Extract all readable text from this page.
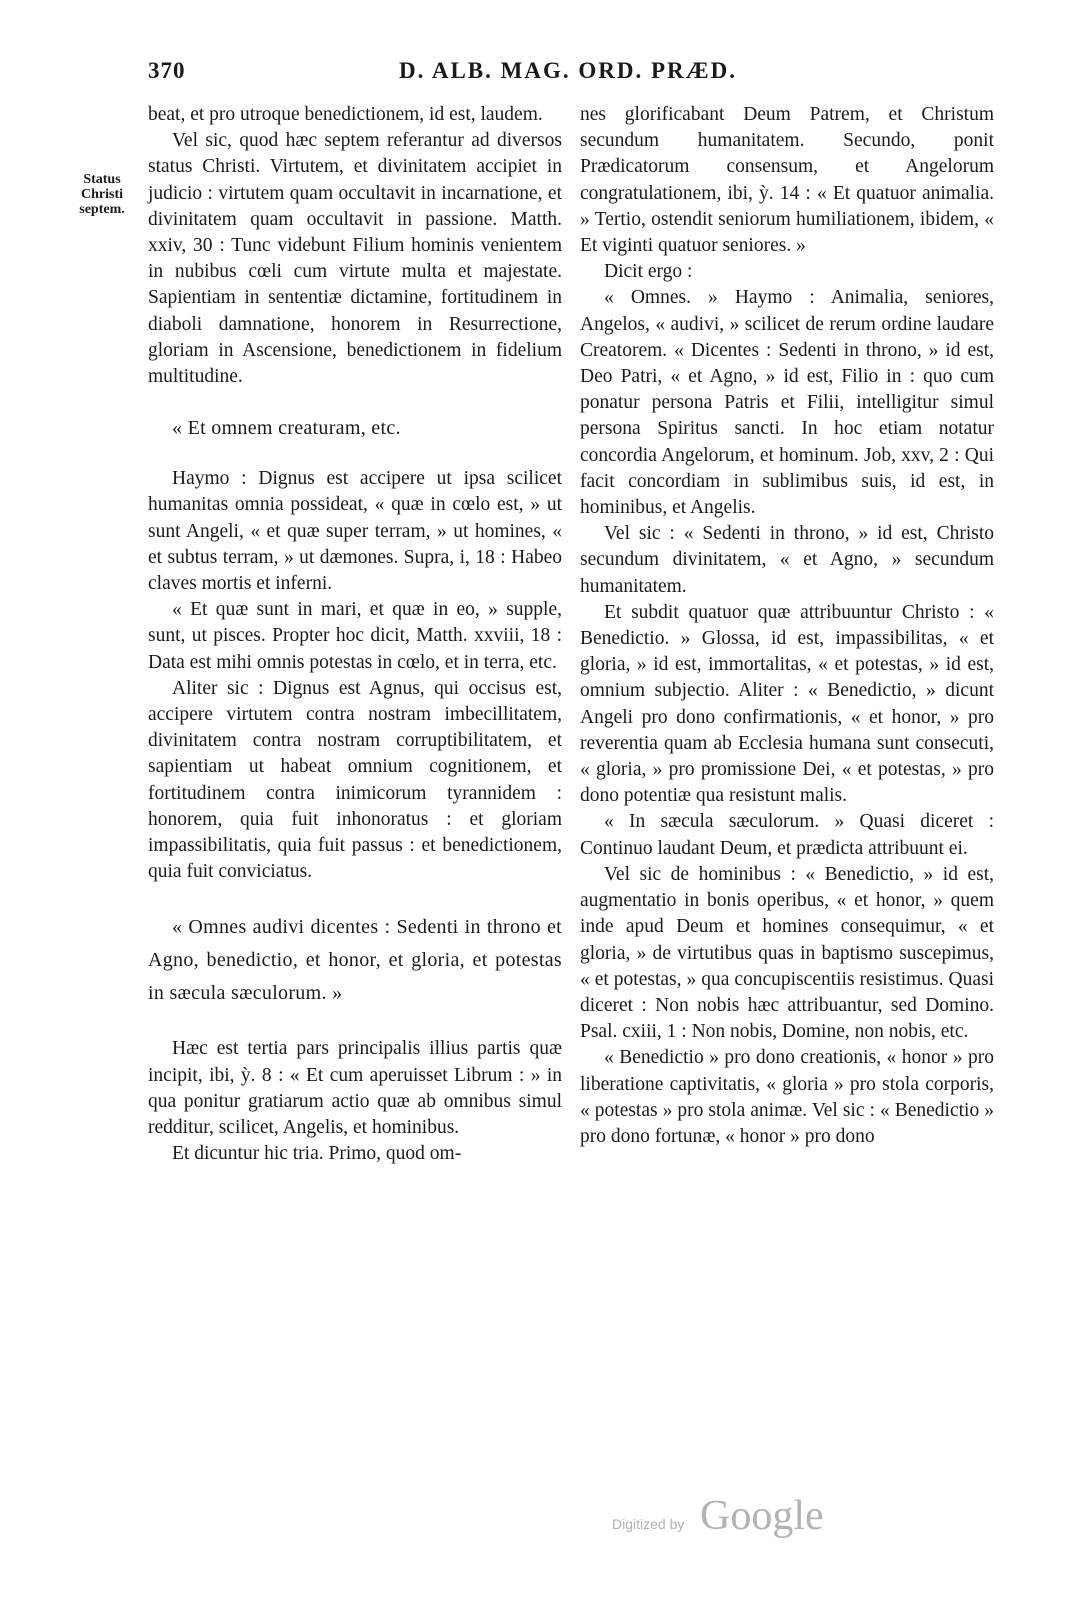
370	D. ALB. MAG. ORD. PRÆD.
Status
Christi
septem.

beat, et pro utroque benedictionem, id est, laudem.

Vel sic, quod hæc septem referantur ad diversos status Christi. Virtutem, et divinitatem accipiet in judicio : virtutem quam occultavit in incarnatione, et divinitatem quam occultavit in passione. Matth. xxiv, 30 : Tunc videbunt Filium hominis venientem in nubibus cœli cum virtute multa et majestate. Sapientiam in sententiæ dictamine, fortitudinem in diaboli damnatione, honorem in Resurrectione, gloriam in Ascensione, benedictionem in fidelium multitudine.

« Et omnem creaturam, etc.

Haymo : Dignus est accipere ut ipsa scilicet humanitas omnia possideat, « quæ in cœlo est, » ut sunt Angeli, « et quæ super terram, » ut homines, « et subtus terram, » ut dæmones. Supra, i, 18 : Habeo claves mortis et inferni.

« Et quæ sunt in mari, et quæ in eo, » supple, sunt, ut pisces. Propter hoc dicit, Matth. xxviii, 18 : Data est mihi omnis potestas in cœlo, et in terra, etc.

Aliter sic : Dignus est Agnus, qui occisus est, accipere virtutem contra nostram imbecillitatem, divinitatem contra nostram corruptibilitatem, et sapientiam ut habeat omnium cognitionem, et fortitudinem contra inimicorum tyrannidem : honorem, quia fuit inhonoratus : et gloriam impassibilitatis, quia fuit passus : et benedictionem, quia fuit conviciatus.

« Omnes audivi dicentes : Sedenti in throno et Agno, benedictio, et honor, et gloria, et potestas in sæcula sæculorum. »

Hæc est tertia pars principalis illius partis quæ incipit, ibi, ỳ. 8 : « Et cum aperuisset Librum : » in qua ponitur gratiarum actio quæ ab omnibus simul redditur, scilicet, Angelis, et hominibus.

Et dicuntur hic tria. Primo, quod om-

nes glorificabant Deum Patrem, et Christum secundum humanitatem. Secundo, ponit Prædicatorum consensum, et Angelorum congratulationem, ibi, ỳ. 14 : « Et quatuor animalia. » Tertio, ostendit seniorum humiliationem, ibidem, « Et viginti quatuor seniores. »

Dicit ergo :

« Omnes. » Haymo : Animalia, seniores, Angelos, « audivi, » scilicet de rerum ordine laudare Creatorem. « Dicentes : Sedenti in throno, » id est, Deo Patri, « et Agno, » id est, Filio in : quo cum ponatur persona Patris et Filii, intelligitur simul persona Spiritus sancti. In hoc etiam notatur concordia Angelorum, et hominum. Job, xxv, 2 : Qui facit concordiam in sublimibus suis, id est, in hominibus, et Angelis.

Vel sic : « Sedenti in throno, » id est, Christo secundum divinitatem, « et Agno, » secundum humanitatem.

Et subdit quatuor quæ attribuuntur Christo : « Benedictio. » Glossa, id est, impassibilitas, « et gloria, » id est, immortalitas, « et potestas, » id est, omnium subjectio. Aliter : « Benedictio, » dicunt Angeli pro dono confirmationis, « et honor, » pro reverentia quam ab Ecclesia humana sunt consecuti, « gloria, » pro promissione Dei, « et potestas, » pro dono potentiæ qua resistunt malis.

« In sæcula sæculorum. » Quasi diceret : Continuo laudant Deum, et prædicta attribuunt ei.

Vel sic de hominibus : « Benedictio, » id est, augmentatio in bonis operibus, « et honor, » quem inde apud Deum et homines consequimur, « et gloria, » de virtutibus quas in baptismo suscepimus, « et potestas, » qua concupiscentiis resistimus. Quasi diceret : Non nobis hæc attribuantur, sed Domino. Psal. cxiii, 1 : Non nobis, Domine, non nobis, etc.

« Benedictio » pro dono creationis, « honor » pro liberatione captivitatis, « gloria » pro stola corporis, « potestas » pro stola animæ. Vel sic : « Benedictio » pro dono fortunæ, « honor » pro dono

Digitized by Google
